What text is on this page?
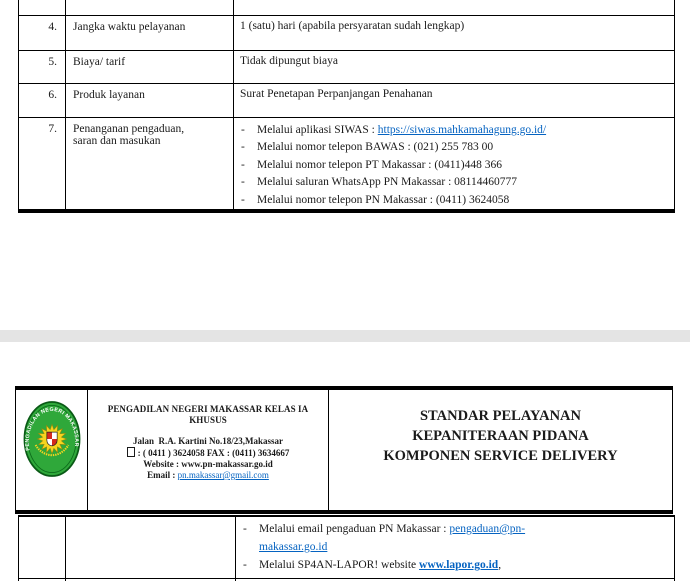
4.	Jangka waktu pelayanan	1 (satu) hari (apabila persyaratan sudah lengkap)
5.	Biaya/ tarif	Tidak dipungut biaya
6.	Produk layanan	Surat Penetapan Perpanjangan Penahanan
7.	Penanganan pengaduan, saran dan masukan

-	Melalui aplikasi SIWAS : https://siwas.mahkamahagung.go.id/
-	Melalui nomor telepon BAWAS : (021) 255 783 00
-	Melalui nomor telepon PT Makassar : (0411)448 366
-	Melalui saluran WhatsApp PN Makassar : 08114460777
-	Melalui nomor telepon PN Makassar : (0411) 3624058
PENGADILAN NEGERI MAKASSAR

PENGADILAN NEGERI MAKASSAR KELAS IA KHUSUS
Jalan  R.A. Kartini No.18/23,Makassar
: ( 0411 ) 3624058 FAX : (0411) 3634667
Website : www.pn-makassar.go.id
Email : pn.makassar@gmail.com

STANDAR PELAYANAN
KEPANITERAAN PIDANA
KOMPONEN SERVICE DELIVERY

		- Melalui email pengaduan PN Makassar : pengaduan@pn-
makassar.go.id
- Melalui SP4AN-LAPOR! website www.lapor.go.id,
